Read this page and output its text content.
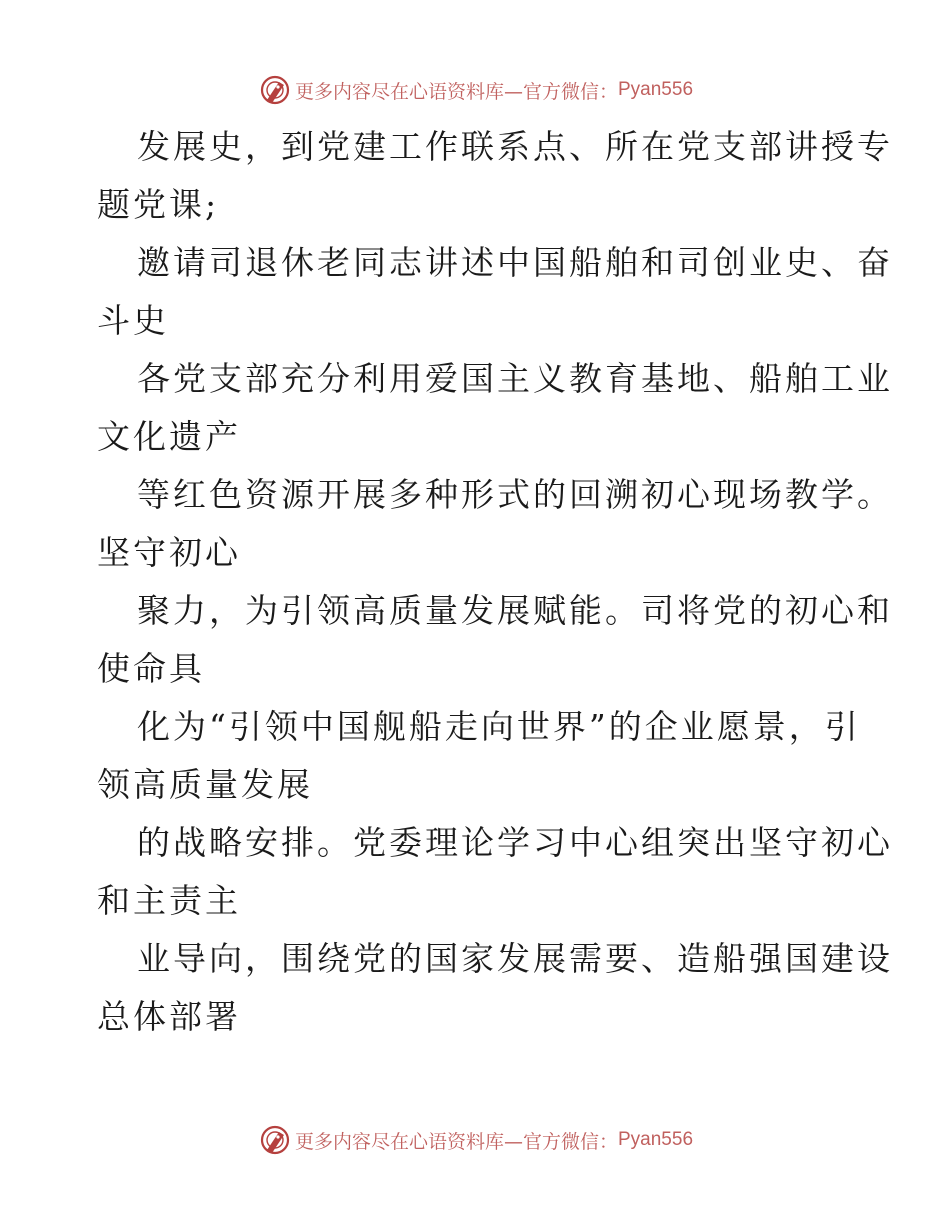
更多内容尽在心语资料库—官方微信： Pyan556
发展史，到党建工作联系点、所在党支部讲授专
题党课;
邀请司退休老同志讲述中国船舶和司创业史、奋
斗史
各党支部充分利用爱国主义教育基地、船舶工业
文化遗产
等红色资源开展多种形式的回溯初心现场教学。
坚守初心
聚力，为引领高质量发展赋能。司将党的初心和
使命具
化为“引领中国舰船走向世界”的企业愿景，引
领高质量发展
的战略安排。党委理论学习中心组突出坚守初心
和主责主
业导向，围绕党的国家发展需要、造船强国建设
总体部署
更多内容尽在心语资料库—官方微信： Pyan556
